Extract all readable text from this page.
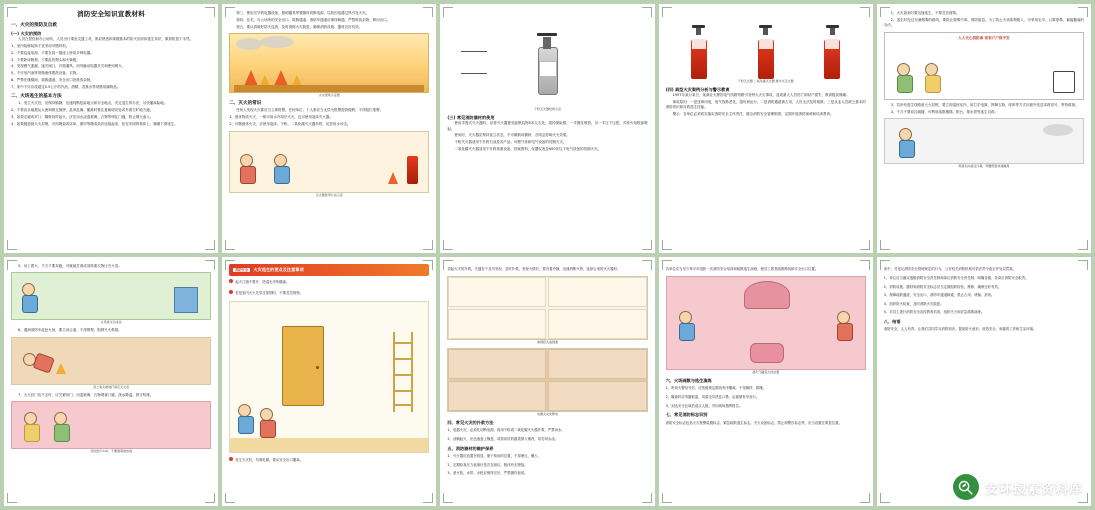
消防安全知识宣教材料
一、火灾的预防及自救
(一) 火灾的预防

人员在居住和办公场所，人员出行乘坐交通工具，都应熟悉和掌握基本的防火知识和逃生常识，做到防患于未然。

1、室内装修装饰不宜采用可燃材料。

2、不要乱接电源，不要在同一插座上使用多种电器。

3、不要卧床吸烟，不要乱扔烟头和火柴梗。

4、发现燃气泄漏，速关阀门，开窗通风，切勿触动电器开关和使用明火。

5、不可用汽油等易燃液体擦洗设备、衣物。

6、严禁在楼梯间、疏散通道、安全出口处堆放杂物。

7、家中不可存放超过0.5公斤的汽油、酒精、香蕉水等易燃易爆物品。

二、火场逃生的基本方法

1、发生火灾后，应保持镇静，迅速判断危险地点和安全地点，决定逃生的办法，尽快撤离险地。

2、不要盲目地跟从人流和相互拥挤、乱冲乱撞。撤离时要注意朝明亮处或外面空旷地方跑。

3、如果走廊或对门、隔壁同时起火，应先用水浇湿被褥、衣物等堵住门缝，防止烟火渗入。

4、如果楼道被大火封堵，可用绳索或床单、窗帘等撕成条状连接起来，拴在牢固的物体上，顺绳下滑逃生。

第三、使用完毕的电器设备、照明器具等要随时切断电源，以防因电器过热引发火灾。

第四、住宅、办公场所的安全出口、疏散通道、消防车通道应保持畅通，严禁堆放杂物、锁闭出口。

第五、要认真做好防火巡查，及时消除火灾隐患，确保消防设施、器材完好有效。

火灾现场示意图
二、灭火的常识

任何人发现火灾都应当立即报警，任何单位、个人都应当无偿为报警提供便利，不得阻拦报警。

1、固体物质火灾，一般可用水冷却法灭火，也可使用泡沫灭火器。

2、可燃液体火灾，应使用泡沫、干粉、二氧化碳灭火器扑救，切忌用水冲击。

灭火器使用方法示意
干粉灭火器结构示意
(三) 常见消防器材的使用

使用手提式灭火器时，应将灭火器提至距燃烧物5米左右处，拔掉保险销，一手握住喷管，另一手压下压把，对准火焰根部喷射。

使用时，灭火器应保持直立状态，不可颠倒或横卧，否则会影响灭火效果。

干粉灭火器适用于扑救石油及其产品、可燃气体和电气设备的初期火灾。

二氧化碳灭火器适用于扑救贵重设备、档案资料、仪器仪表及600伏以下电气设备的初期火灾。

干粉灭火器 二氧化碳灭火器 推车式灭火器
(四) 典型火灾案例分析与警示教育

1997年某月某日，某商业大厦因电气线路短路引发特大火灾事故，造成重大人员伤亡和财产损失，教训极其惨痛。

事故原因：一是违章用电，电气线路老化、超负荷运行；二是消防通道被占用，人员无法及时疏散；三是从业人员缺乏基本的消防常识和自救逃生技能。

警示：各单位必须切实落实消防安全主体责任，健全消防安全管理制度，定期开展消防演练和培训教育。

1、火灾袭来时要迅速逃生，不要贪恋财物。

2、逃生时经过充满烟雾的路线，要防止烟雾中毒、预防窒息。为了防止火场浓烟呛入，可采用毛巾、口罩蒙鼻，匍匐撤离的办法。

人人关心消防事 家家户户保平安

3、若所有逃生线路被大火封锁，要立即退回室内，用打手电筒、挥舞衣物、呼叫等方式向窗外发送求救信号，等待救援。

4、千万不要盲目跳楼，可利用疏散楼梯、阳台、排水管等逃生自救。

用湿毛巾捂住口鼻，弯腰低姿快速撤离

5、身上着火，千万不要奔跑，可就地打滚或用厚重衣物压灭火苗。

火场逃生四步法

6、遇到消防车赶赴火场，要主动让道，不得围观、阻碍灭火救援。

身上着火就地打滚压灭火苗

7、大火封门出不去时，应关紧房门，用湿被褥、衣物堵塞门缝，泼水降温，固守待援。

及时拨打119，不要围观看热闹
消防安全 火灾逃生的要点及注意事项
起火门窗不要开，捂湿毛巾快撤离。
若是室内大火先穿过浓烟时，不要贪恋财物。
发生火灾时，勿乘电梯，要从安全出口撤离。

初起火灾的扑救，关键在于及早发现、及时扑救。发现火情后，要沉着冷静，迅速判断火势，选择合适的灭火器材。

油锅起火盖锅盖
电器火灾先断电
四、常见火灾的扑救方法

1、电器火灾，必须先切断电源，再用干粉或二氧化碳灭火器扑救，严禁用水。

2、油锅起火，应迅速盖上锅盖，或将切好的蔬菜倒入锅内，切勿用水浇。

五、消防器材的维护保养

1、灭火器应放置在明显、便于取用的位置，不得埋压、圈占。

2、定期检查压力表指针是否在绿区，瓶体有无锈蚀。

3、消火栓、水带、水枪应保持完好，严禁挪作他用。

各单位应当至少每半年组织一次消防安全培训和疏散逃生演练，使员工熟悉疏散路线和安全出口位置。

液化气罐着火的处置
六、火场疏散与逃生演练

1、听到火警信号后，应按照预定路线有序撤离，不得拥挤、推搡。

2、撤离时应弯腰低姿，用湿毛巾捂住口鼻，沿墙壁有序前行。

3、到达安全区域后清点人数，并向现场指挥报告。

七、常见消防标志识别

消防安全标志包括火灾报警装置标志、紧急疏散逃生标志、灭火设备标志、禁止和警告标志等，应当设置在明显位置。

条中，对违反消防安全管理规定的行为，公安机关消防机构可依法责令改正并处以罚款。

1、单位应当落实逐级消防安全责任制和岗位消防安全责任制，明确各级、各岗位消防安全职责。

2、消防设施、器材和消防安全标志应当定期组织检验、维修，确保完好有效。

3、保障疏散通道、安全出口、消防车通道畅通，禁止占用、堵塞、封闭。

4、组织防火检查，及时消除火灾隐患。

5、对员工进行消防安全宣传教育培训，组织灭火和应急疏散演练。

八、结语

消防安全，人人有责。让我们共同学习消防知识，提高防火意识，营造安全、和谐的工作和生活环境。

安环搜索资料库
